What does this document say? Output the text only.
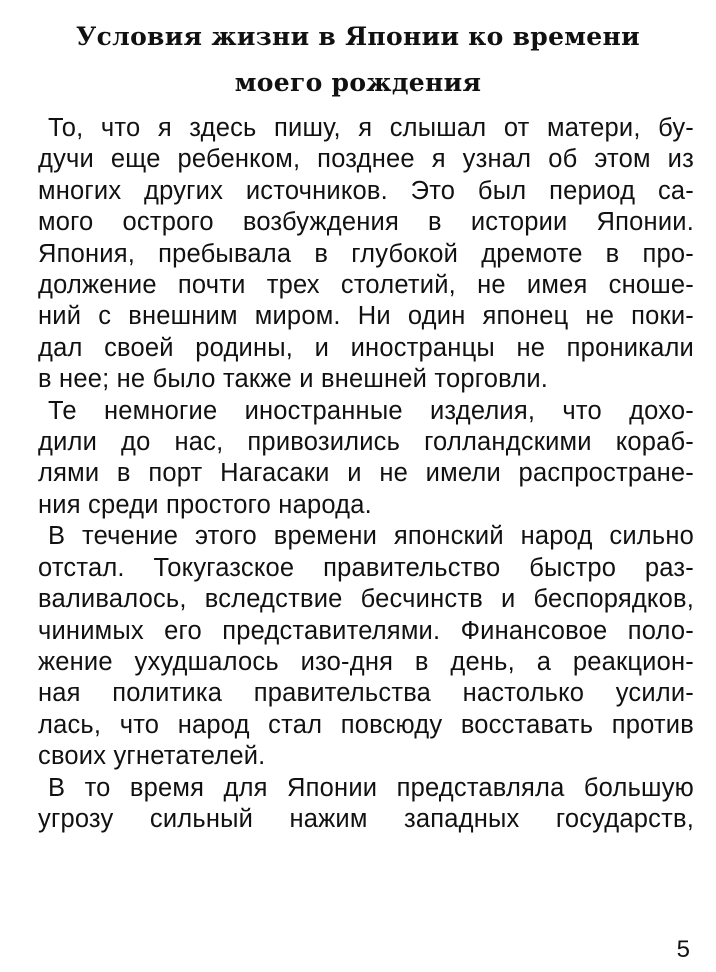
Условия жизни в Японии ко времени
моего рождения
То, что я здесь пишу, я слышал от матери, бу-
дучи еще ребенком, позднее я узнал об этом из
многих других источников. Это был период са-
мого острого возбуждения в истории Японии.
Япония, пребывала в глубокой дремоте в про-
должение почти трех столетий, не имея сноше-
ний с внешним миром. Ни один японец не поки-
дал своей родины, и иностранцы не проникали
в нее; не было также и внешней торговли.
Те немногие иностранные изделия, что дохо-
дили до нас, привозились голландскими кораб-
лями в порт Нагасаки и не имели распростране-
ния среди простого народа.
В течение этого времени японский народ сильно
отстал. Токугазское правительство быстро раз-
валивалось, вследствие бесчинств и беспорядков,
чинимых его представителями. Финансовое поло-
жение ухудшалось изо-дня в день, а реакцион-
ная политика правительства настолько усили-
лась, что народ стал повсюду восставать против
своих угнетателей.
В то время для Японии представляла большую
угрозу сильный нажим западных государств,
5
